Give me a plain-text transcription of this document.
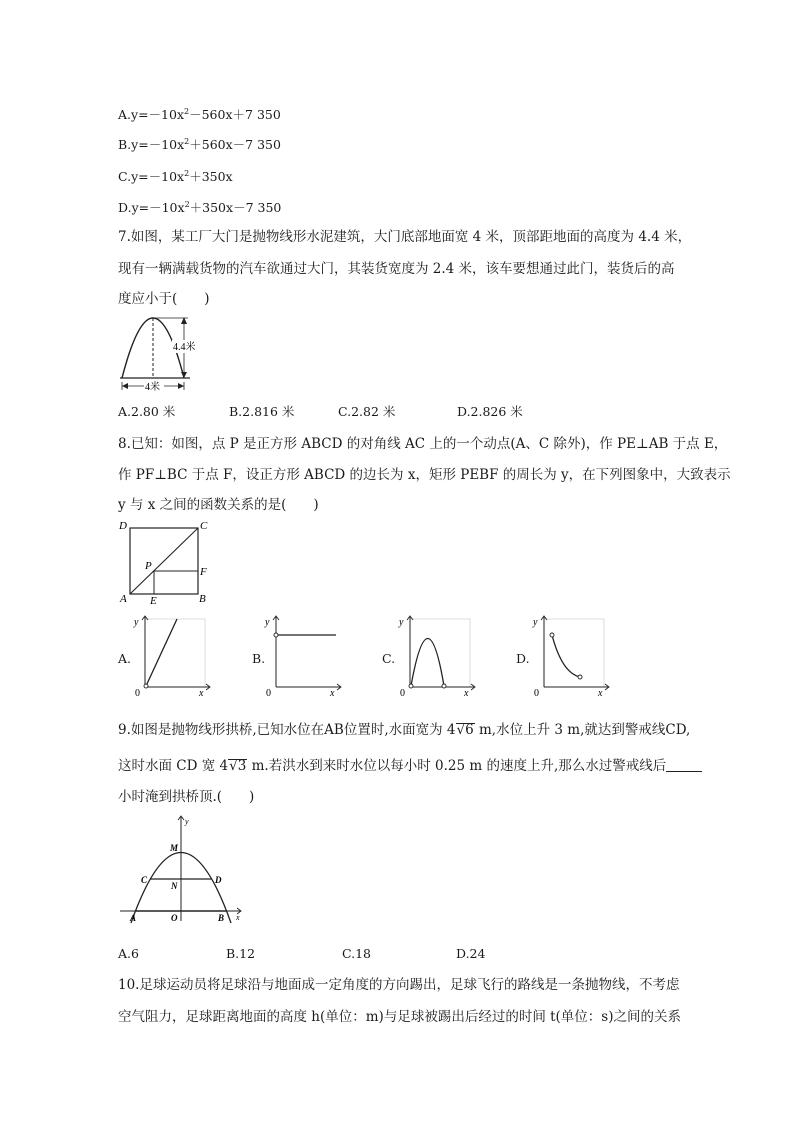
$A.y=-10x^2-560x+7$ 350
$B.y=-10x^2+560x-7$ 350
$C.y=-10x^2+350x$
$D.y=-10x^2+350x-7$ 350
7.如图，某工厂大门是抛物线形水泥建筑，大门底部地面宽 4 米，顶部距地面的高度为 4.4 米，
现有一辆满载货物的汽车欲通过大门，其装货宽度为 2.4 米，该车要想通过此门，装货后的高
度应小于(　　)
4.4米
4米
A.2.80 米	B.2.816 米	C.2.82 米	D.2.826 米
8.已知：如图，点 P 是正方形 ABCD 的对角线 AC 上的一个动点(A、C 除外)，作 PE⊥AB 于点 E，
作 PF⊥BC 于点 F，设正方形 ABCD 的边长为 x，矩形 PEBF 的周长为 y，在下列图象中，大致表示
y 与 x 之间的函数关系的是(　　)
D	C
P	F
A E	B
A.
y
x
0
B.
y
x
0
C.
y
x
0
D.
y
x
0
9.如图是抛物线形拱桥,已知水位在AB位置时,水面宽为 4√6 m,水位上升 3 m,就达到警戒线CD,
这时水面 CD 宽 4√3 m.若洪水到来时水位以每小时 0.25 m 的速度上升,那么水过警戒线后
小时淹到拱桥顶.(　　)
y
x
M
C	D
N
A	O	B
A.6	B.12	C.18	D.24
10.足球运动员将足球沿与地面成一定角度的方向踢出，足球飞行的路线是一条抛物线，不考虑
空气阻力，足球距离地面的高度 h(单位：m)与足球被踢出后经过的时间 t(单位：s)之间的关系
